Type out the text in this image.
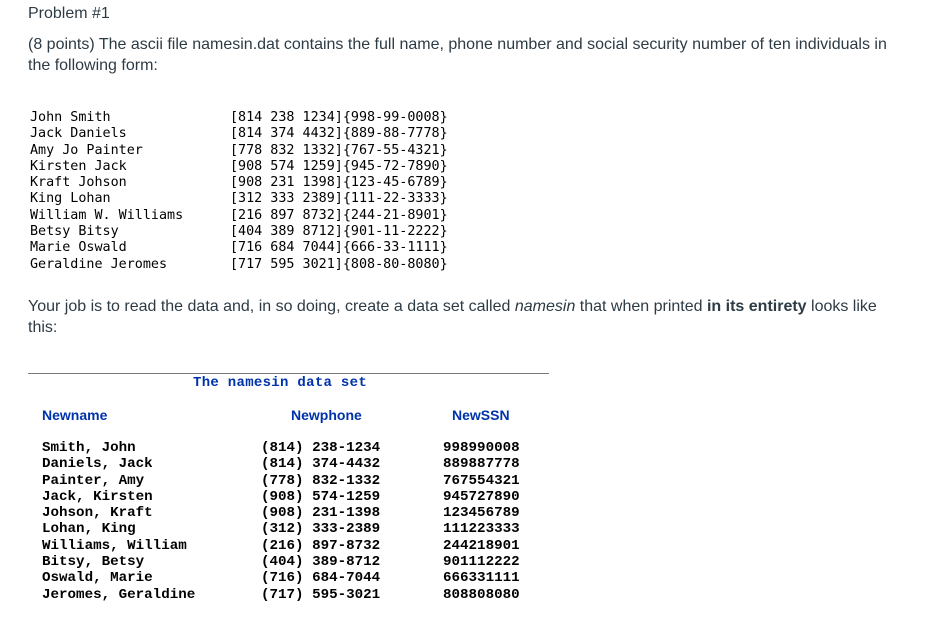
Problem #1
(8 points) The ascii file namesin.dat contains the full name, phone number and social security number of ten individuals in the following form:
John Smith	[814 238 1234] {998-99-0008}
Jack Daniels	[814 374 4432] {889-88-7778}
Amy Jo Painter	[778 832 1332] {767-55-4321}
Kirsten Jack	[908 574 1259] {945-72-7890}
Kraft Johson	[908 231 1398] {123-45-6789}
King Lohan	[312 333 2389] {111-22-3333}
William W. Williams	[216 897 8732] {244-21-8901}
Betsy Bitsy	[404 389 8712] {901-11-2222}
Marie Oswald	[716 684 7044] {666-33-1111}
Geraldine Jeromes	[717 595 3021] {808-80-8080}
Your job is to read the data and, in so doing, create a data set called namesin that when printed in its entirety looks like this:
The namesin data set
Newname	Newphone	NewSSN
Smith, John	(814) 238-1234	998990008
Daniels, Jack	(814) 374-4432	889887778
Painter, Amy	(778) 832-1332	767554321
Jack, Kirsten	(908) 574-1259	945727890
Johson, Kraft	(908) 231-1398	123456789
Lohan, King	(312) 333-2389	111223333
Williams, William	(216) 897-8732	244218901
Bitsy, Betsy	(404) 389-8712	901112222
Oswald, Marie	(716) 684-7044	666331111
Jeromes, Geraldine	(717) 595-3021	808808080
